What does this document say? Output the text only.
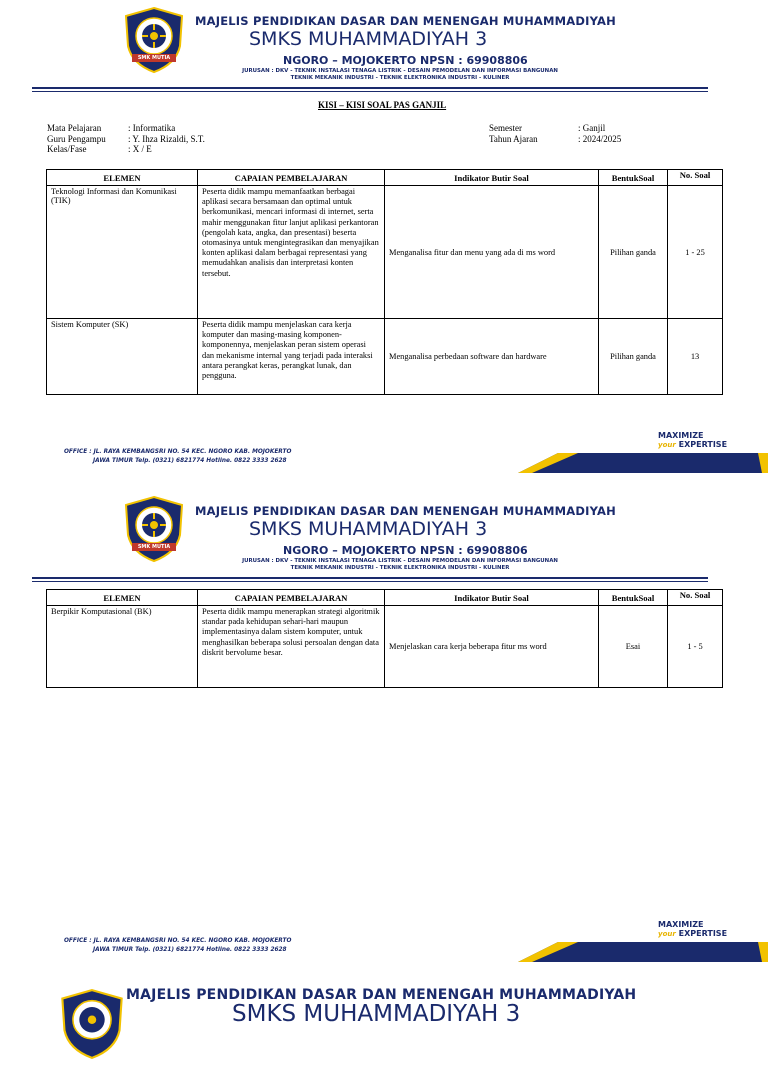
SMK MUTIA
MAJELIS PENDIDIKAN DASAR DAN MENENGAH MUHAMMADIYAH
SMKS MUHAMMADIYAH 3
NGORO – MOJOKERTO NPSN : 69908806
JURUSAN : DKV - TEKNIK INSTALASI TENAGA LISTRIK - DESAIN PEMODELAN DAN INFORMASI BANGUNAN
TEKNIK MEKANIK INDUSTRI - TEKNIK ELEKTRONIKA INDUSTRI - KULINER
KISI – KISI SOAL PAS GANJIL
Mata Pelajaran	: Informatika
Guru Pengampu : Y. Ihza Rizaldi, S.T.
Kelas/Fase	: X / E
Semester	: Ganjil
Tahun Ajaran	: 2024/2025
ELEMEN	CAPAIAN PEMBELAJARAN	Indikator Butir Soal	BentukSoal	No. Soal
Teknologi Informasi dan Komunikasi (TIK)	Peserta didik mampu memanfaatkan berbagai aplikasi secara bersamaan dan optimal untuk berkomunikasi, mencari informasi di internet, serta mahir menggunakan fitur lanjut aplikasi perkantoran (pengolah kata, angka, dan presentasi) beserta otomasinya untuk mengintegrasikan dan menyajikan konten aplikasi dalam berbagai representasi yang memudahkan analisis dan interpretasi konten tersebut.	Menganalisa fitur dan menu yang ada di ms word	Pilihan ganda	1 - 25
Sistem Komputer (SK)	Peserta didik mampu menjelaskan cara kerja komputer dan masing-masing komponen-komponennya, menjelaskan peran sistem operasi dan mekanisme internal yang terjadi pada interaksi antara perangkat keras, perangkat lunak, dan pengguna.	Menganalisa perbedaan software dan hardware	Pilihan ganda	13
OFFICE : JL. RAYA KEMBANGSRI NO. 54 KEC. NGORO KAB. MOJOKERTO
JAWA TIMUR Telp. (0321) 6821774 Hotline. 0822 3333 2628
MAXIMIZE
your EXPERTISE
SMK MUTIA
MAJELIS PENDIDIKAN DASAR DAN MENENGAH MUHAMMADIYAH
SMKS MUHAMMADIYAH 3
NGORO – MOJOKERTO NPSN : 69908806
JURUSAN : DKV - TEKNIK INSTALASI TENAGA LISTRIK - DESAIN PEMODELAN DAN INFORMASI BANGUNAN
TEKNIK MEKANIK INDUSTRI - TEKNIK ELEKTRONIKA INDUSTRI - KULINER
ELEMEN	CAPAIAN PEMBELAJARAN	Indikator Butir Soal	BentukSoal	No. Soal
Berpikir Komputasional (BK)	Peserta didik mampu menerapkan strategi algoritmik standar pada kehidupan sehari-hari maupun implementasinya dalam sistem komputer, untuk menghasilkan beberapa solusi persoalan dengan data diskrit bervolume besar.	Menjelaskan cara kerja beberapa fitur ms word	Esai	1 - 5
OFFICE : JL. RAYA KEMBANGSRI NO. 54 KEC. NGORO KAB. MOJOKERTO
JAWA TIMUR Telp. (0321) 6821774 Hotline. 0822 3333 2628
MAXIMIZE
your EXPERTISE
MAJELIS PENDIDIKAN DASAR DAN MENENGAH MUHAMMADIYAH
SMKS MUHAMMADIYAH 3
